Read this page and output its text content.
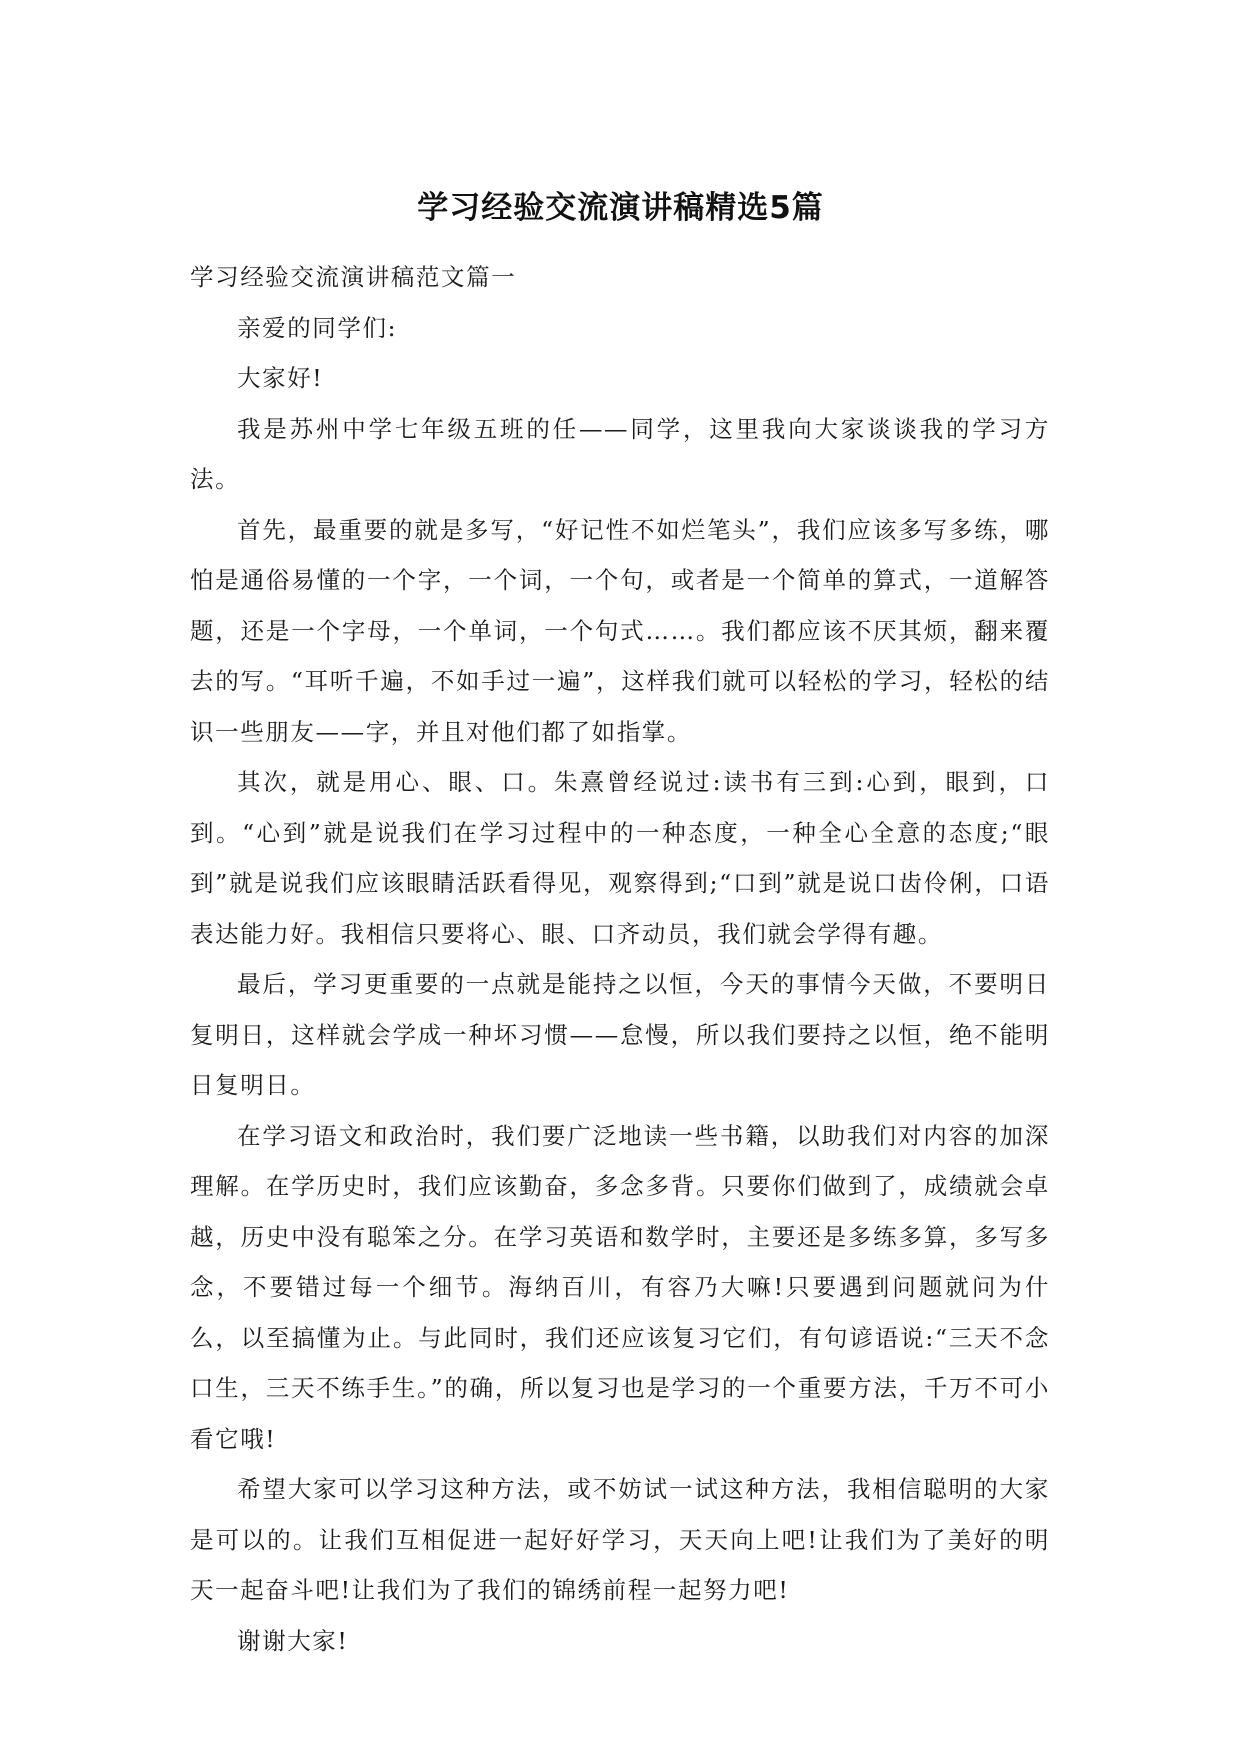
学习经验交流演讲稿精选5篇

学习经验交流演讲稿范文篇一

亲爱的同学们:

大家好!

我是苏州中学七年级五班的任——同学，这里我向大家谈谈我的学习方法。

首先，最重要的就是多写，“好记性不如烂笔头”，我们应该多写多练，哪怕是通俗易懂的一个字，一个词，一个句，或者是一个简单的算式，一道解答题，还是一个字母，一个单词，一个句式……。我们都应该不厌其烦，翻来覆去的写。“耳听千遍，不如手过一遍”，这样我们就可以轻松的学习，轻松的结识一些朋友——字，并且对他们都了如指掌。

其次，就是用心、眼、口。朱熹曾经说过:读书有三到:心到，眼到，口到。“心到”就是说我们在学习过程中的一种态度，一种全心全意的态度;“眼到”就是说我们应该眼睛活跃看得见，观察得到;“口到”就是说口齿伶俐，口语表达能力好。我相信只要将心、眼、口齐动员，我们就会学得有趣。

最后，学习更重要的一点就是能持之以恒，今天的事情今天做，不要明日复明日，这样就会学成一种坏习惯——怠慢，所以我们要持之以恒，绝不能明日复明日。

在学习语文和政治时，我们要广泛地读一些书籍，以助我们对内容的加深理解。在学历史时，我们应该勤奋，多念多背。只要你们做到了，成绩就会卓越，历史中没有聪笨之分。在学习英语和数学时，主要还是多练多算，多写多念，不要错过每一个细节。海纳百川，有容乃大嘛!只要遇到问题就问为什么，以至搞懂为止。与此同时，我们还应该复习它们，有句谚语说:“三天不念口生，三天不练手生。”的确，所以复习也是学习的一个重要方法，千万不可小看它哦!

希望大家可以学习这种方法，或不妨试一试这种方法，我相信聪明的大家是可以的。让我们互相促进一起好好学习，天天向上吧!让我们为了美好的明天一起奋斗吧!让我们为了我们的锦绣前程一起努力吧!

谢谢大家!
